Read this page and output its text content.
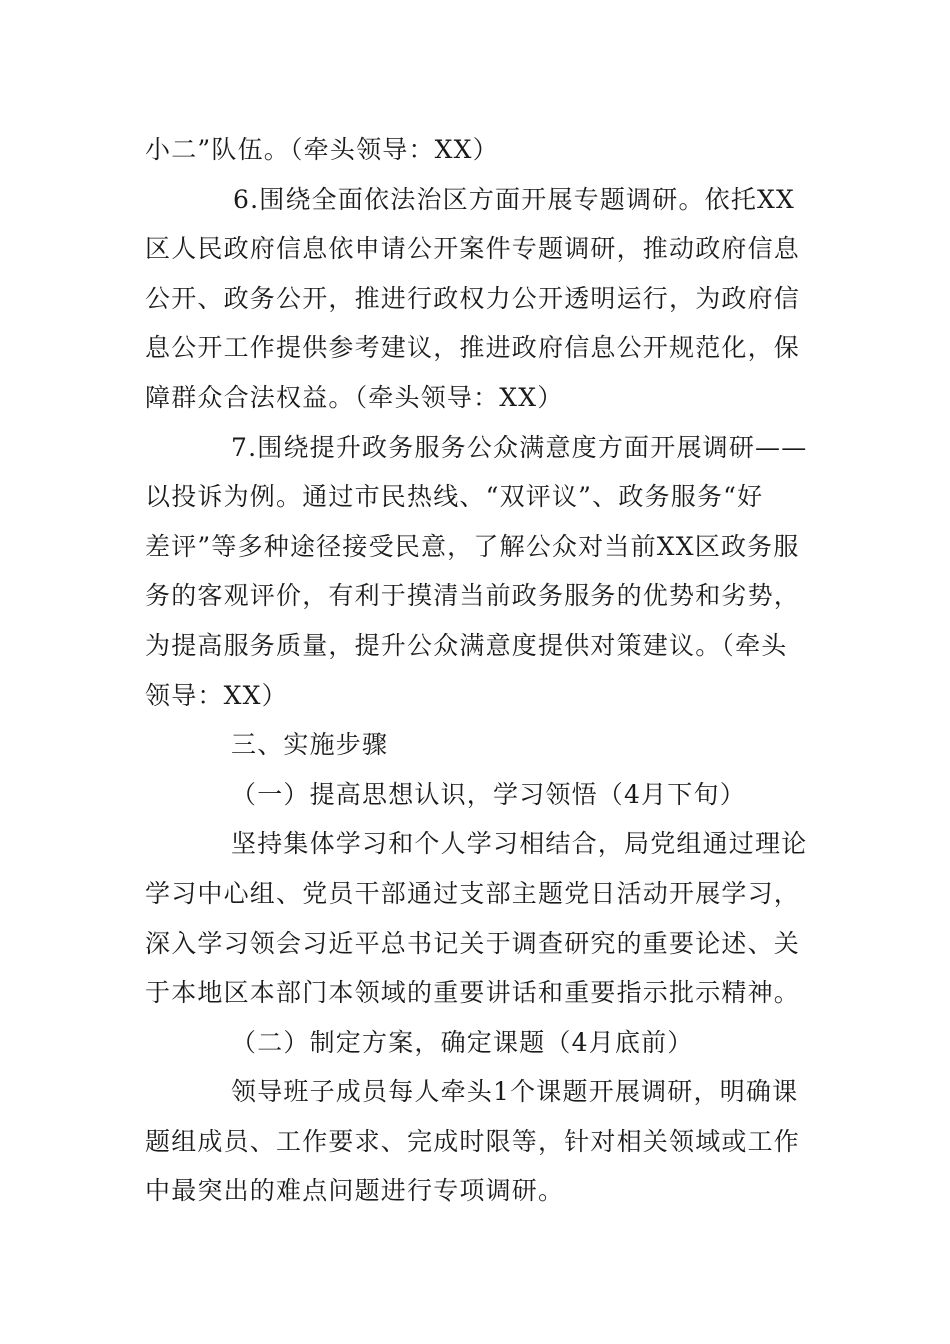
小二”队伍。（牵头领导：XX）
6.围绕全面依法治区方面开展专题调研。依托XX
区人民政府信息依申请公开案件专题调研，推动政府信息
公开、政务公开，推进行政权力公开透明运行，为政府信
息公开工作提供参考建议，推进政府信息公开规范化，保
障群众合法权益。（牵头领导：XX）
7.围绕提升政务服务公众满意度方面开展调研——
以投诉为例。通过市民热线、“双评议”、政务服务“好
差评”等多种途径接受民意，了解公众对当前XX区政务服
务的客观评价，有利于摸清当前政务服务的优势和劣势，
为提高服务质量，提升公众满意度提供对策建议。（牵头
领导：XX）
三、实施步骤
（一）提高思想认识，学习领悟（4月下旬）
坚持集体学习和个人学习相结合，局党组通过理论
学习中心组、党员干部通过支部主题党日活动开展学习，
深入学习领会习近平总书记关于调查研究的重要论述、关
于本地区本部门本领域的重要讲话和重要指示批示精神。
（二）制定方案，确定课题（4月底前）
领导班子成员每人牵头1个课题开展调研，明确课
题组成员、工作要求、完成时限等，针对相关领域或工作
中最突出的难点问题进行专项调研。
